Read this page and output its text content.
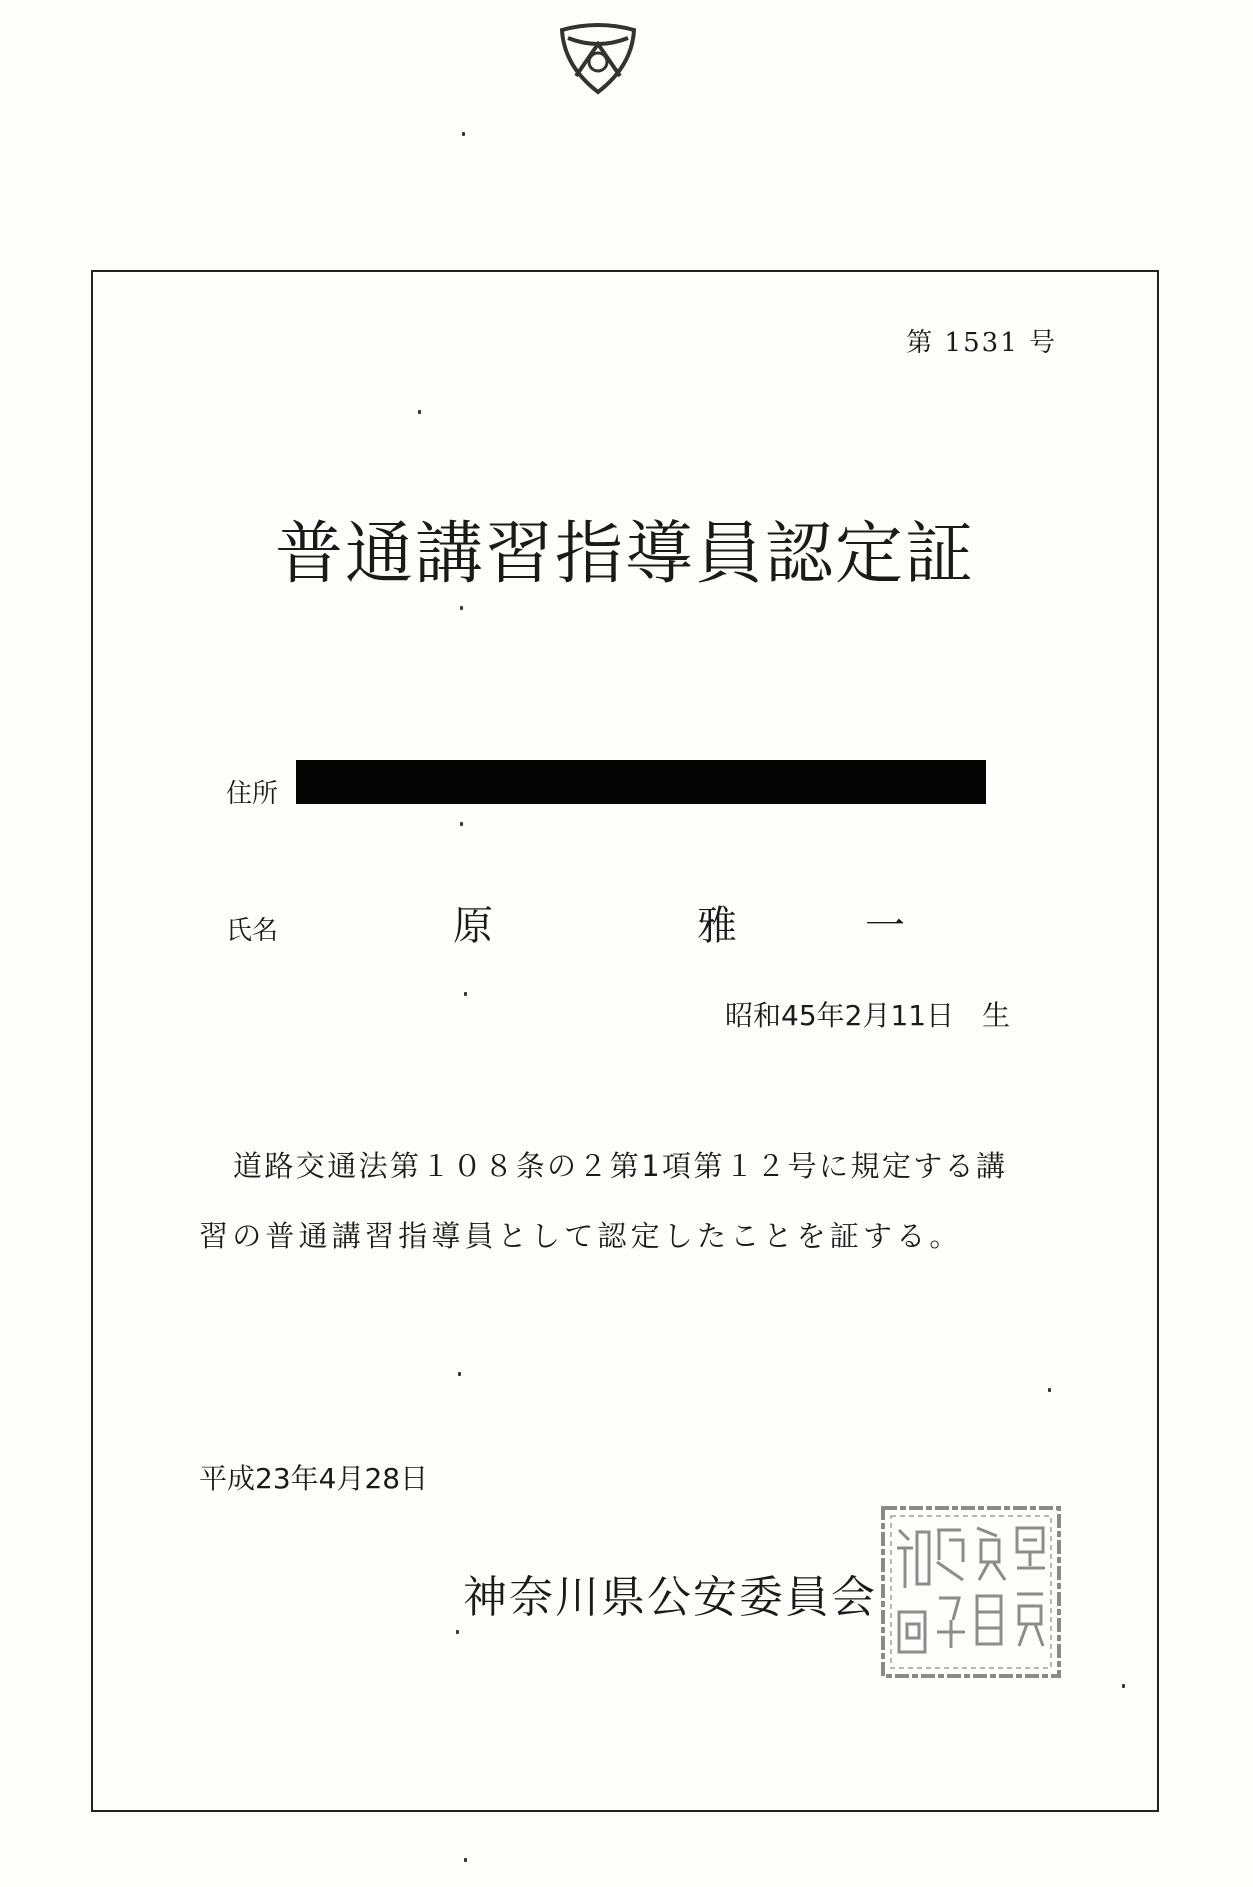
第 1531 号
普通講習指導員認定証
住所
氏名	原	雅	一
昭和45年2月11日　生
道路交通法第１０８条の２第1項第１２号に規定する講
習の普通講習指導員として認定したことを証する。
平成23年4月28日
神奈川県公安委員会
